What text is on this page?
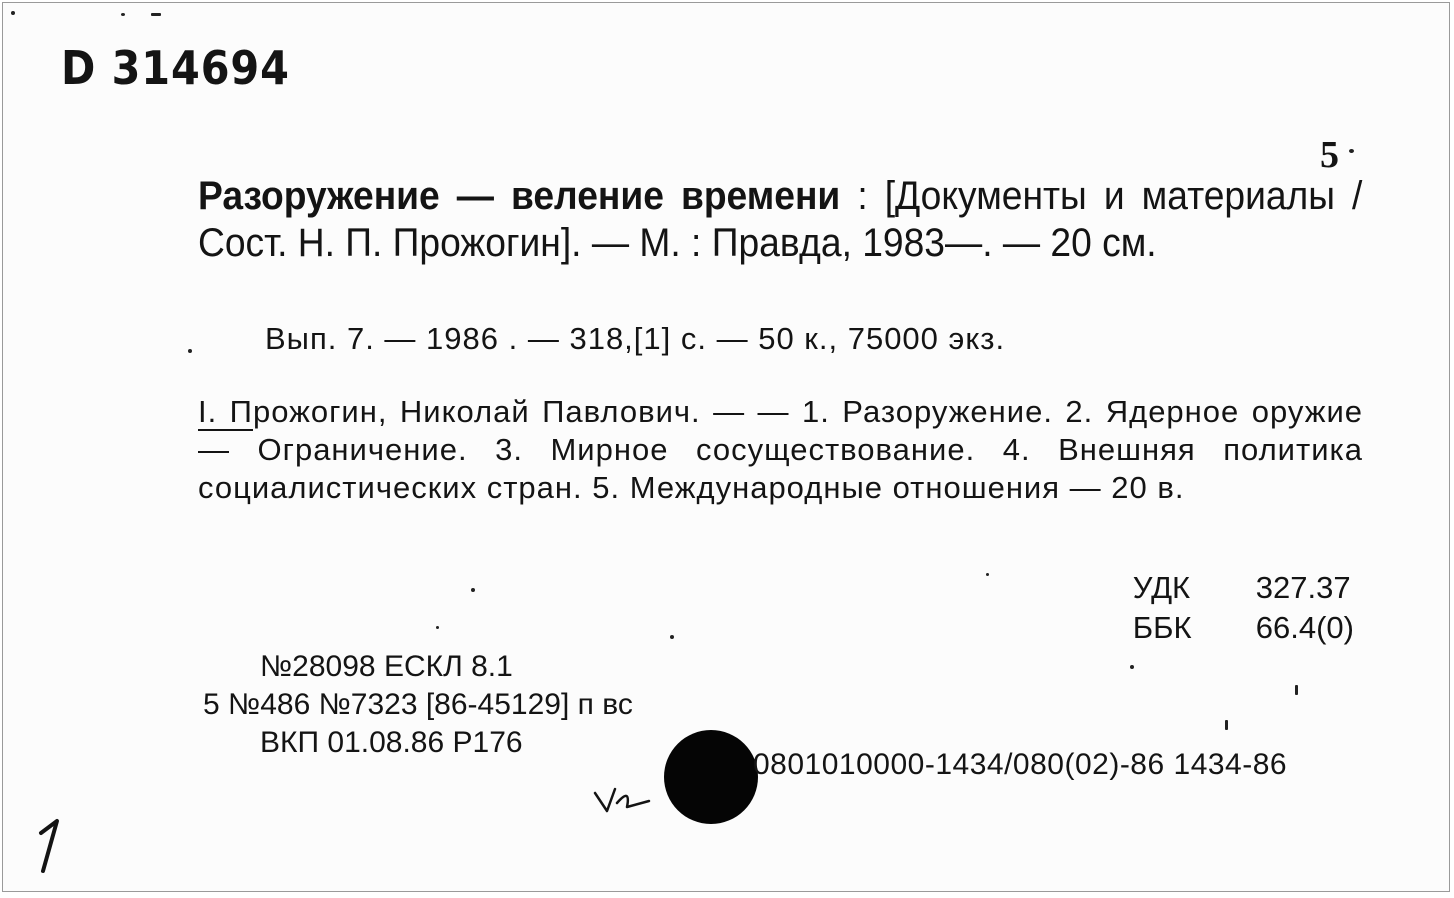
D 314694
5
Разоружение — веление времени : [Документы и материалы / Сост. Н. П. Прожогин]. — М. : Правда, 1983—. — 20 см.
Вып. 7. — 1986 . — 318,[1] с. — 50 к., 75000 экз.
I. Прожогин, Николай Павлович. — — 1. Разоружение. 2. Ядерное оружие — Ограничение. 3. Мирное сосуществование. 4. Внешняя политика социалистических стран. 5. Международные отношения — 20 в.
УДК	327.37
ББК	66.4(0)
№28098 ЕСКЛ 8.1
5 №486 №7323 [86-45129] п вс
ВКП 01.08.86 Р176
0801010000-1434/080(02)-86 1434-86
